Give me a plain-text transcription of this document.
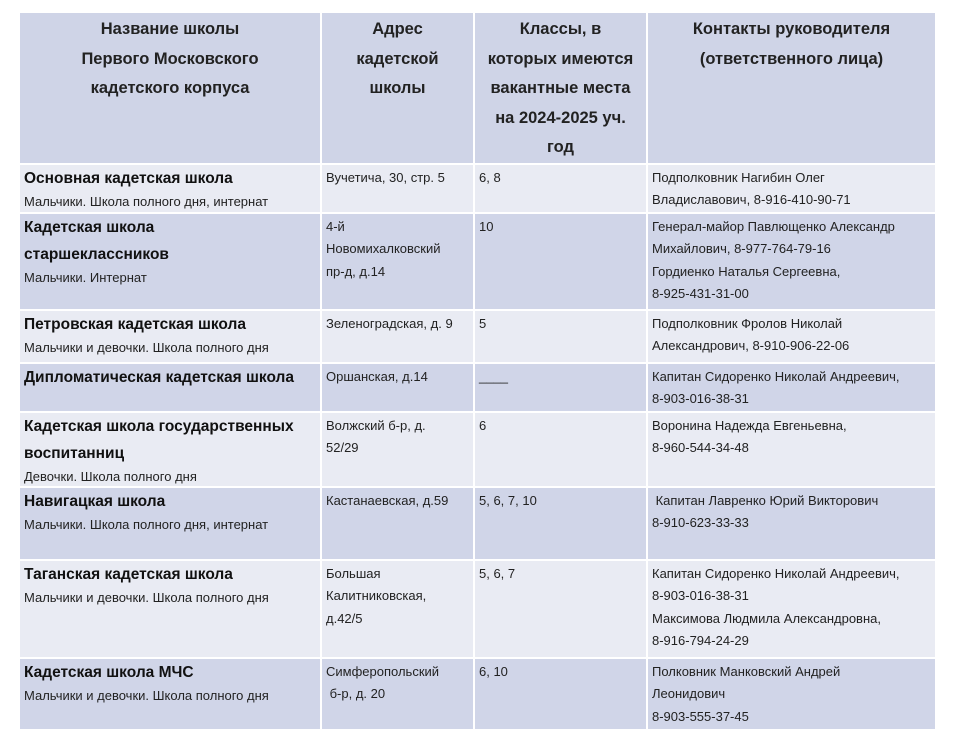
Название школы
Первого Московского
кадетского корпуса	Адрес
кадетской
школы	Классы, в
которых имеются
вакантные места
на 2024-2025 уч.
год	Контакты руководителя
(ответственного лица)

Основная кадетская школа
Мальчики. Школа полного дня, интернат	Вучетича, 30, стр. 5	6, 8	Подполковник Нагибин Олег
Владиславович, 8-916-410-90-71

Кадетская школа
старшеклассников
Мальчики. Интернат	4-й
Новомихалковский
пр-д, д.14	10	Генерал-майор Павлющенко Александр
Михайлович, 8-977-764-79-16
Гордиенко Наталья Сергеевна,
8-925-431-31-00

Петровская кадетская школа
Мальчики и девочки. Школа полного дня	Зеленоградская, д. 9	5	Подполковник Фролов Николай
Александрович, 8-910-906-22-06

Дипломатическая кадетская школа	Оршанская, д.14	____	Капитан Сидоренко Николай Андреевич,
8-903-016-38-31

Кадетская школа государственных
воспитанниц
Девочки. Школа полного дня	Волжский б-р, д.
52/29	6	Воронина Надежда Евгеньевна,
8-960-544-34-48

Навигацкая школа
Мальчики. Школа полного дня, интернат	Кастанаевская, д.59	5, 6, 7, 10	Капитан Лавренко Юрий Викторович
8-910-623-33-33

Таганская кадетская школа
Мальчики и девочки. Школа полного дня	Большая
Калитниковская,
д.42/5	5, 6, 7	Капитан Сидоренко Николай Андреевич,
8-903-016-38-31
Максимова Людмила Александровна,
8-916-794-24-29

Кадетская школа МЧС
Мальчики и девочки. Школа полного дня	Симферопольский
б-р, д. 20	6, 10	Полковник Манковский Андрей
Леонидович
8-903-555-37-45
